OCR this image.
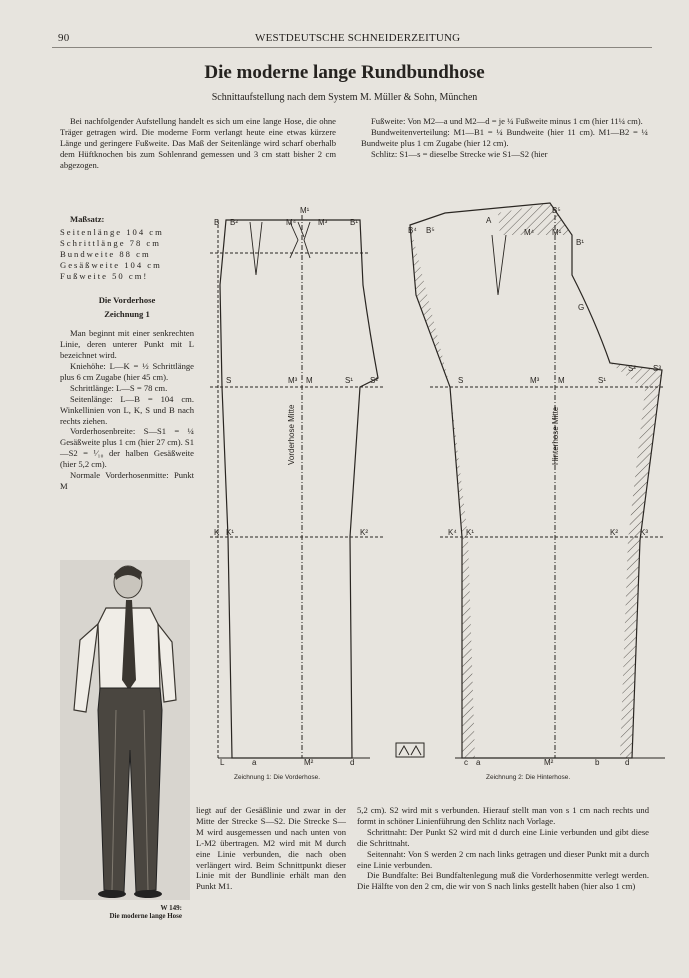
90	WESTDEUTSCHE SCHNEIDERZEITUNG
Die moderne lange Rundbundhose
Schnittaufstellung nach dem System M. Müller & Sohn, München

Bei nachfolgender Aufstellung handelt es sich um eine lange Hose, die ohne Träger getragen wird. Die moderne Form verlangt heute eine etwas kürzere Länge und geringere Fußweite. Das Maß der Seitenlänge wird scharf oberhalb dem Hüftknochen bis zum Sohlenrand gemessen und 3 cm statt bisher 2 cm abgezogen.

Fußweite: Von M2—a und M2—d = je ¼ Fußweite minus 1 cm (hier 11¼ cm).

Bundweitenverteilung: M1—B1 = ¼ Bundweite (hier 11 cm). M1—B2 = ¼ Bundweite plus 1 cm Zugabe (hier 12 cm).

Schlitz: S1—s = dieselbe Strecke wie S1—S2 (hier

Maßsatz:
Seitenlänge 104 cm
Schrittlänge 78 cm
Bundweite 88 cm
Gesäßweite 104 cm
Fußweite 50 cm!
Die Vorderhose
Zeichnung 1

Man beginnt mit einer senkrechten Linie, deren unterer Punkt mit L bezeichnet wird.

Kniehöhe: L—K = ½ Schrittlänge plus 6 cm Zugabe (hier 45 cm).

Schrittlänge: L—S = 78 cm.

Seitenlänge: L—B = 104 cm. Winkellinien von L, K, S und B nach rechts ziehen.

Vorderhosenbreite: S—S1 = ¼ Gesäßweite plus 1 cm (hier 27 cm). S1—S2 = ¹⁄₁₀ der halben Gesäßweite (hier 5,2 cm).

Normale Vorderhosenmitte: Punkt M

W 149:
Die moderne lange Hose
B B²
M¹
M⁴	M³	B¹
S	M³ M	S¹ S²
K K¹	K²
L	a	M²	d
B⁴ B⁵
A
M⁴ M¹
B¹
B⁵
G
S	M³ M	S¹
S² S³
K⁴ K¹	K²	K³
c a	M²	b	d
Vorderhose Mitte	Hinterhose Mitte
Zeichnung 1: Die Vorderhose.	Zeichnung 2: Die Hinterhose.

liegt auf der Gesäßlinie und zwar in der Mitte der Strecke S—S2. Die Strecke S—M wird ausgemessen und nach unten von L-M2 übertragen. M2 wird mit M durch eine Linie verbunden, die nach oben verlängert wird. Beim Schnittpunkt dieser Linie mit der Bundlinie erhält man den Punkt M1.

5,2 cm). S2 wird mit s verbunden. Hierauf stellt man von s 1 cm nach rechts und formt in schöner Linienführung den Schlitz nach Vorlage.

Schrittnaht: Der Punkt S2 wird mit d durch eine Linie verbunden und gibt diese die Schrittnaht.

Seitennaht: Von S werden 2 cm nach links getragen und dieser Punkt mit a durch eine Linie verbunden.

Die Bundfalte: Bei Bundfaltenlegung muß die Vorderhosenmitte verlegt werden. Die Hälfte von den 2 cm, die wir von S nach links gestellt haben (hier also 1 cm)
